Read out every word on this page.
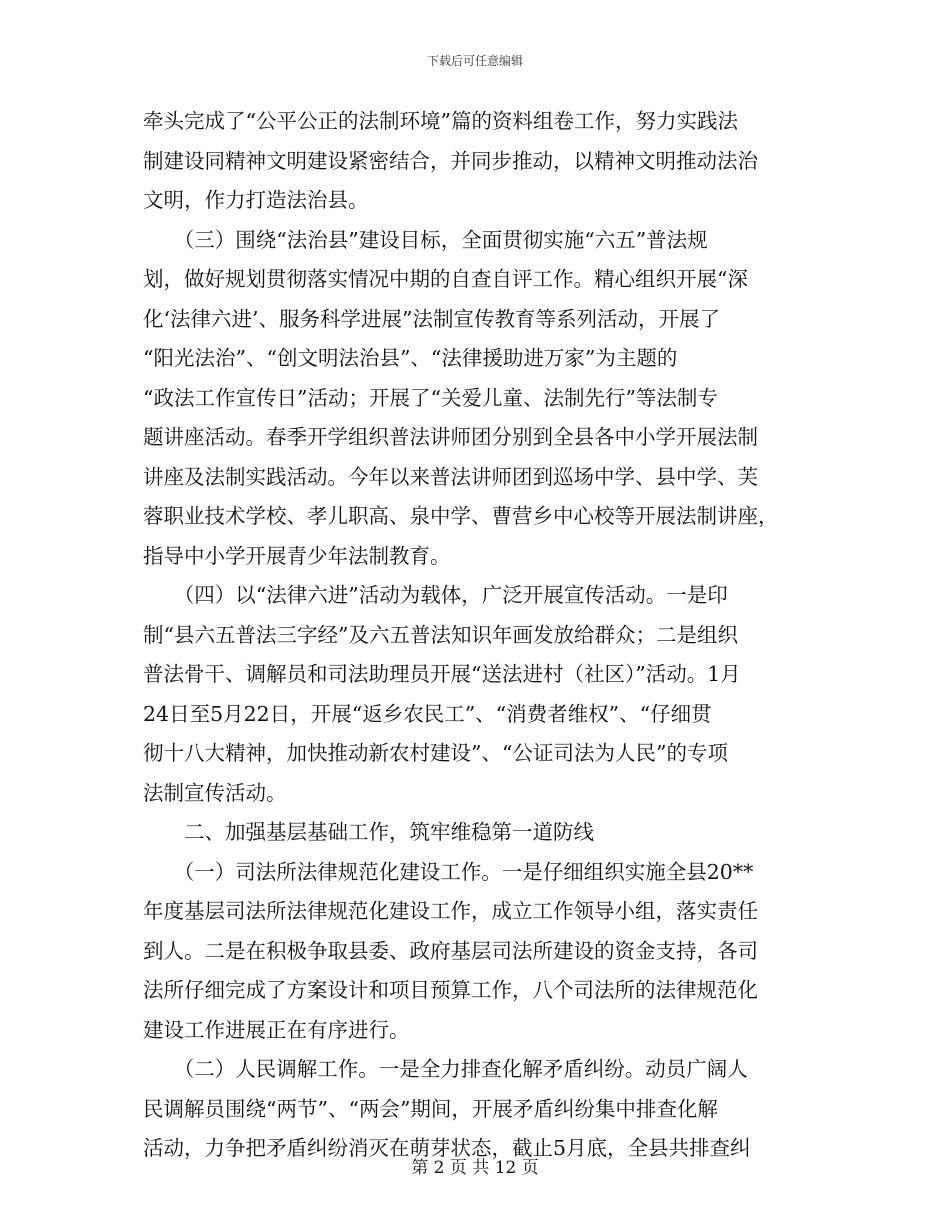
下载后可任意编辑
牵头完成了“公平公正的法制环境”篇的资料组卷工作，努力实践法
制建设同精神文明建设紧密结合，并同步推动，以精神文明推动法治
文明，作力打造法治县。
　　（三）围绕“法治县”建设目标，全面贯彻实施“六五”普法规
划，做好规划贯彻落实情况中期的自查自评工作。精心组织开展“深
化‘法律六进’、服务科学进展”法制宣传教育等系列活动，开展了
“阳光法治”、“创文明法治县”、“法律援助进万家”为主题的
“政法工作宣传日”活动；开展了“关爱儿童、法制先行”等法制专
题讲座活动。春季开学组织普法讲师团分别到全县各中小学开展法制
讲座及法制实践活动。今年以来普法讲师团到巡场中学、县中学、芙
蓉职业技术学校、孝儿职高、泉中学、曹营乡中心校等开展法制讲座，
指导中小学开展青少年法制教育。
　　（四）以“法律六进”活动为载体，广泛开展宣传活动。一是印
制“县六五普法三字经”及六五普法知识年画发放给群众；二是组织
普法骨干、调解员和司法助理员开展“送法进村（社区）”活动。1月
24日至5月22日，开展“返乡农民工”、“消费者维权”、“仔细贯
彻十八大精神，加快推动新农村建设”、“公证司法为人民”的专项
法制宣传活动。
　　二、加强基层基础工作，筑牢维稳第一道防线
　　（一）司法所法律规范化建设工作。一是仔细组织实施全县20**
年度基层司法所法律规范化建设工作，成立工作领导小组，落实责任
到人。二是在积极争取县委、政府基层司法所建设的资金支持，各司
法所仔细完成了方案设计和项目预算工作，八个司法所的法律规范化
建设工作进展正在有序进行。
　　（二）人民调解工作。一是全力排查化解矛盾纠纷。动员广阔人
民调解员围绕“两节”、“两会”期间，开展矛盾纠纷集中排查化解
活动，力争把矛盾纠纷消灭在萌芽状态，截止5月底，全县共排查纠
第 2 页 共 12 页
